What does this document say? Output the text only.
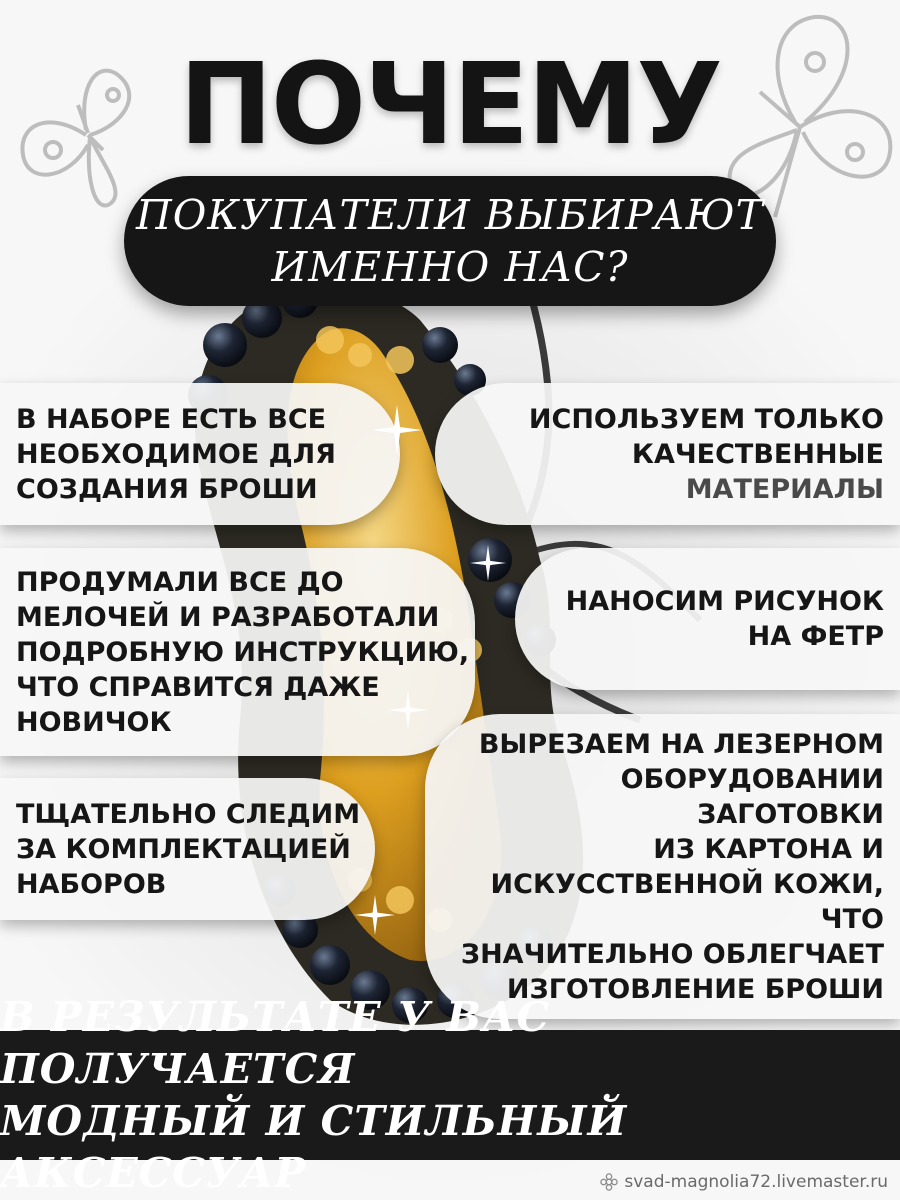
ПОЧЕМУ
ПОКУПАТЕЛИ ВЫБИРАЮТ
ИМЕННО НАС?
В НАБОРЕ ЕСТЬ ВСЕ
НЕОБХОДИМОЕ ДЛЯ
СОЗДАНИЯ БРОШИ
ИСПОЛЬЗУЕМ ТОЛЬКО
КАЧЕСТВЕННЫЕ
МАТЕРИАЛЫ
ПРОДУМАЛИ ВСЕ ДО
МЕЛОЧЕЙ И РАЗРАБОТАЛИ
ПОДРОБНУЮ ИНСТРУКЦИЮ,
ЧТО СПРАВИТСЯ ДАЖЕ
НОВИЧОК
НАНОСИМ РИСУНОК
НА ФЕТР
ТЩАТЕЛЬНО СЛЕДИМ
ЗА КОМПЛЕКТАЦИЕЙ
НАБОРОВ
ВЫРЕЗАЕМ НА ЛЕЗЕРНОМ
ОБОРУДОВАНИИ ЗАГОТОВКИ
ИЗ КАРТОНА И
ИСКУССТВЕННОЙ КОЖИ, ЧТО
ЗНАЧИТЕЛЬНО ОБЛЕГЧАЕТ
ИЗГОТОВЛЕНИЕ БРОШИ
В РЕЗУЛЬТАТЕ У ВАС ПОЛУЧАЕТСЯ
МОДНЫЙ И СТИЛЬНЫЙ АКСЕССУАР	svad-magnolia72.livemaster.ru
